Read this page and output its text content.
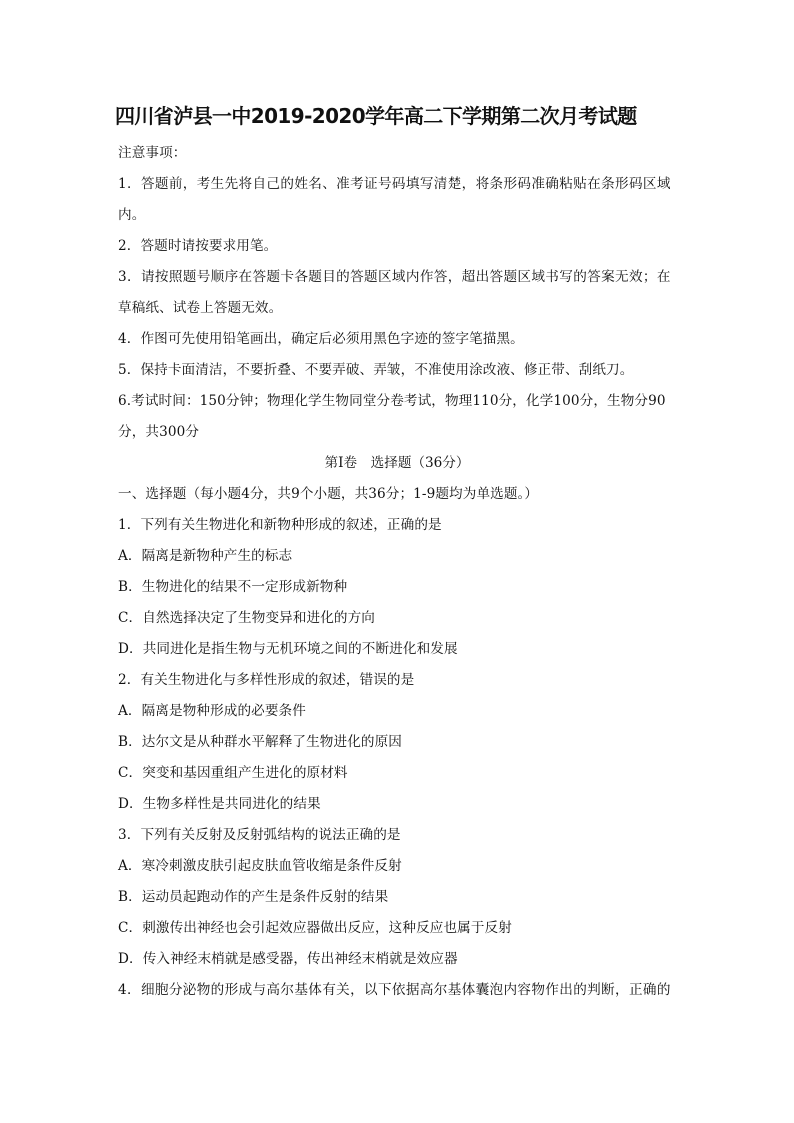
四川省泸县一中2019-2020学年高二下学期第二次月考试题
注意事项：
1．答题前，考生先将自己的姓名、准考证号码填写清楚，将条形码准确粘贴在条形码区域
内。
2．答题时请按要求用笔。
3．请按照题号顺序在答题卡各题目的答题区域内作答，超出答题区域书写的答案无效；在
草稿纸、试卷上答题无效。
4．作图可先使用铅笔画出，确定后必须用黑色字迹的签字笔描黑。
5．保持卡面清洁，不要折叠、不要弄破、弄皱，不准使用涂改液、修正带、刮纸刀。
6.考试时间：150分钟；物理化学生物同堂分卷考试，物理110分，化学100分，生物分90
分，共300分
第Ⅰ卷　选择题（36分）
一、选择题（每小题4分，共9个小题，共36分；1-9题均为单选题。）
1．下列有关生物进化和新物种形成的叙述，正确的是
A．隔离是新物种产生的标志
B．生物进化的结果不一定形成新物种
C．自然选择决定了生物变异和进化的方向
D．共同进化是指生物与无机环境之间的不断进化和发展
2．有关生物进化与多样性形成的叙述，错误的是
A．隔离是物种形成的必要条件
B．达尔文是从种群水平解释了生物进化的原因
C．突变和基因重组产生进化的原材料
D．生物多样性是共同进化的结果
3．下列有关反射及反射弧结构的说法正确的是
A．寒冷刺激皮肤引起皮肤血管收缩是条件反射
B．运动员起跑动作的产生是条件反射的结果
C．刺激传出神经也会引起效应器做出反应，这种反应也属于反射
D．传入神经末梢就是感受器，传出神经末梢就是效应器
4．细胞分泌物的形成与高尔基体有关，以下依据高尔基体囊泡内容物作出的判断，正确的
